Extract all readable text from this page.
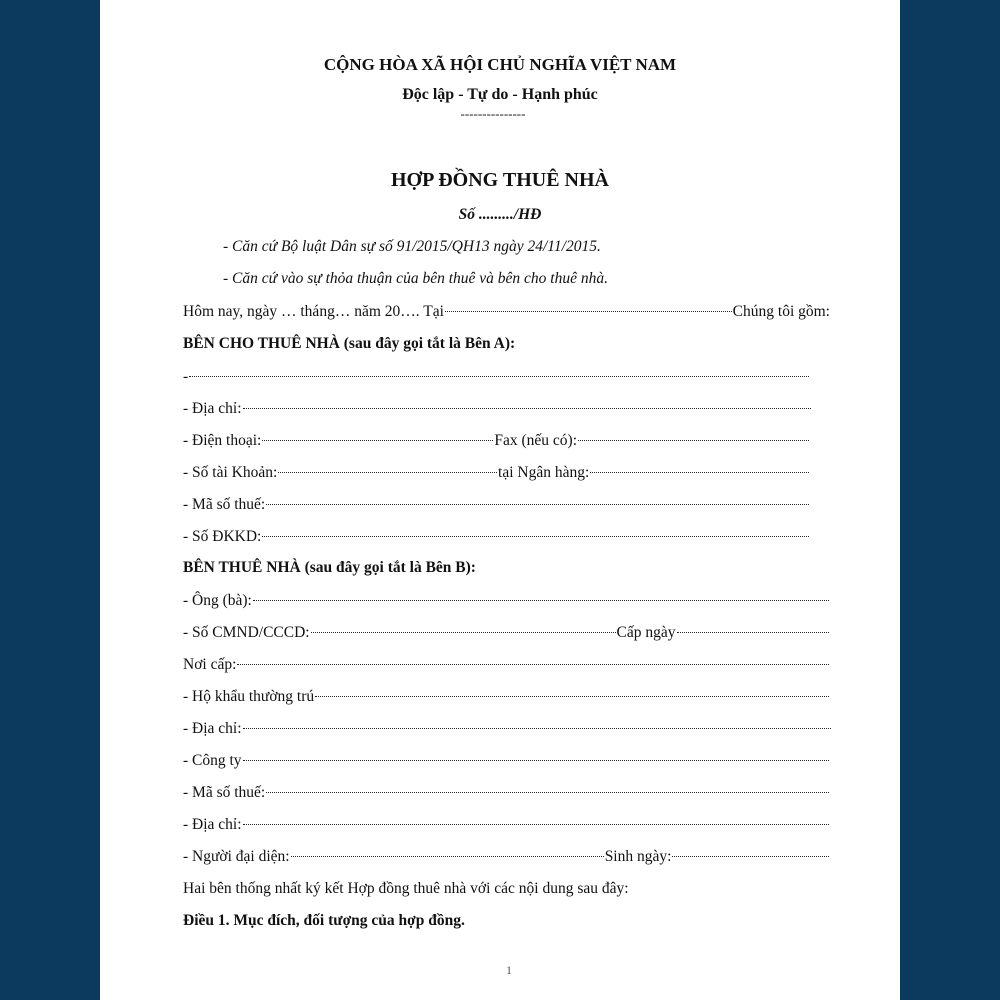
CỘNG HÒA XÃ HỘI CHỦ NGHĨA VIỆT NAM
Độc lập - Tự do - Hạnh phúc
---------------
HỢP ĐỒNG THUÊ NHÀ
Số ........./HĐ
- Căn cứ Bộ luật Dân sự số 91/2015/QH13 ngày 24/11/2015.
- Căn cứ vào sự thỏa thuận của bên thuê và bên cho thuê nhà.
Hôm nay, ngày … tháng… năm 20…. Tại	Chúng tôi gồm:
BÊN CHO THUÊ NHÀ (sau đây gọi tắt là Bên A):
-
- Địa chỉ:
- Điện thoại:	Fax (nếu có):
- Số tài Khoản:	tại Ngân hàng:
- Mã số thuế:
- Số ĐKKD:
BÊN THUÊ NHÀ (sau đây gọi tắt là Bên B):
- Ông (bà):
- Số CMND/CCCD:	Cấp ngày
Nơi cấp:
- Hộ khẩu thường trú
- Địa chỉ:
- Công ty
- Mã số thuế:
- Địa chỉ:
- Người đại diện:	Sinh ngày:
Hai bên thống nhất ký kết Hợp đồng thuê nhà với các nội dung sau đây:
Điều 1. Mục đích, đối tượng của hợp đồng.
1
